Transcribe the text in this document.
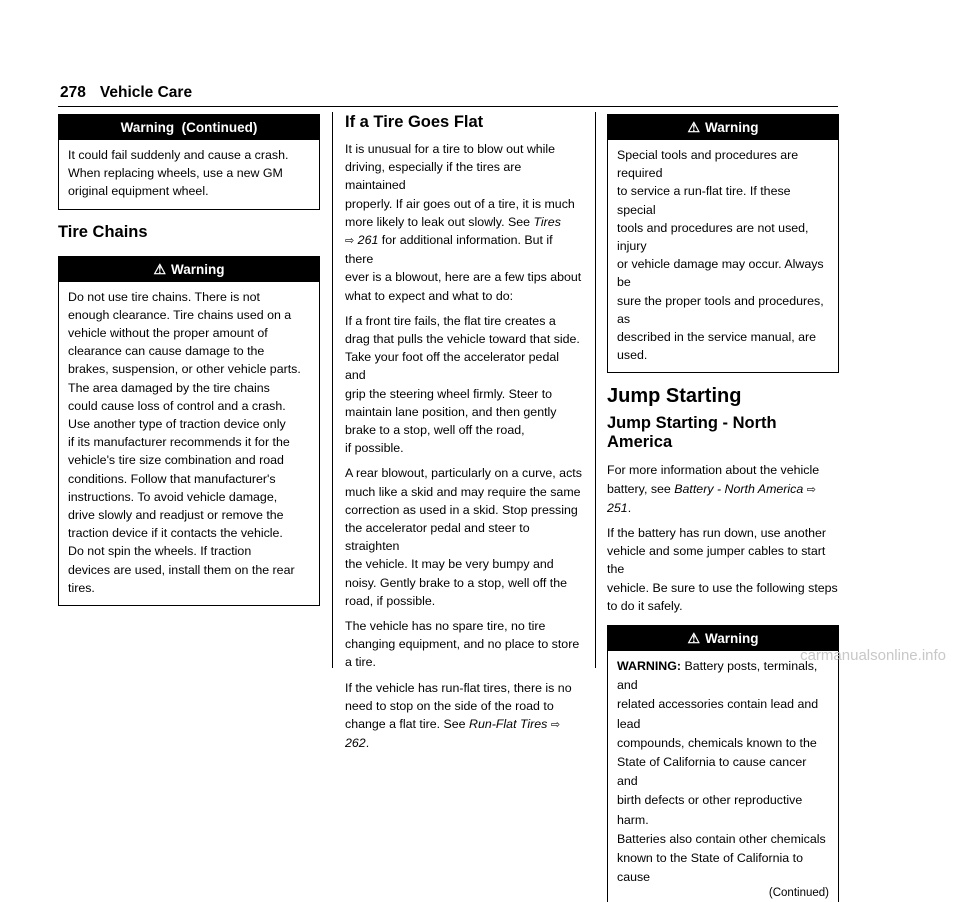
278 Vehicle Care
Warning  (Continued)

It could fail suddenly and cause a crash.

When replacing wheels, use a new GM

original equipment wheel.

Tire Chains
⚠ Warning

Do not use tire chains. There is not

enough clearance. Tire chains used on a

vehicle without the proper amount of

clearance can cause damage to the

brakes, suspension, or other vehicle parts.

The area damaged by the tire chains

could cause loss of control and a crash.

Use another type of traction device only

if its manufacturer recommends it for the

vehicle's tire size combination and road

conditions. Follow that manufacturer's

instructions. To avoid vehicle damage,

drive slowly and readjust or remove the

traction device if it contacts the vehicle.

Do not spin the wheels. If traction

devices are used, install them on the rear

tires.

If a Tire Goes Flat

It is unusual for a tire to blow out while

driving, especially if the tires are maintained

properly. If air goes out of a tire, it is much

more likely to leak out slowly. See Tires

⇨ 261 for additional information. But if there

ever is a blowout, here are a few tips about

what to expect and what to do:

If a front tire fails, the flat tire creates a

drag that pulls the vehicle toward that side.

Take your foot off the accelerator pedal and

grip the steering wheel firmly. Steer to

maintain lane position, and then gently

brake to a stop, well off the road,

if possible.

A rear blowout, particularly on a curve, acts

much like a skid and may require the same

correction as used in a skid. Stop pressing

the accelerator pedal and steer to straighten

the vehicle. It may be very bumpy and

noisy. Gently brake to a stop, well off the

road, if possible.

The vehicle has no spare tire, no tire

changing equipment, and no place to store

a tire.

If the vehicle has run-flat tires, there is no

need to stop on the side of the road to

change a flat tire. See Run-Flat Tires ⇨ 262.

⚠ Warning

Special tools and procedures are required

to service a run-flat tire. If these special

tools and procedures are not used, injury

or vehicle damage may occur. Always be

sure the proper tools and procedures, as

described in the service manual, are used.

Jump Starting
Jump Starting - North America

For more information about the vehicle

battery, see Battery - North America ⇨ 251.

If the battery has run down, use another

vehicle and some jumper cables to start the

vehicle. Be sure to use the following steps

to do it safely.

⚠ Warning

WARNING: Battery posts, terminals, and

related accessories contain lead and lead

compounds, chemicals known to the

State of California to cause cancer and

birth defects or other reproductive harm.

Batteries also contain other chemicals

known to the State of California to cause

(Continued)
carmanualsonline.info
